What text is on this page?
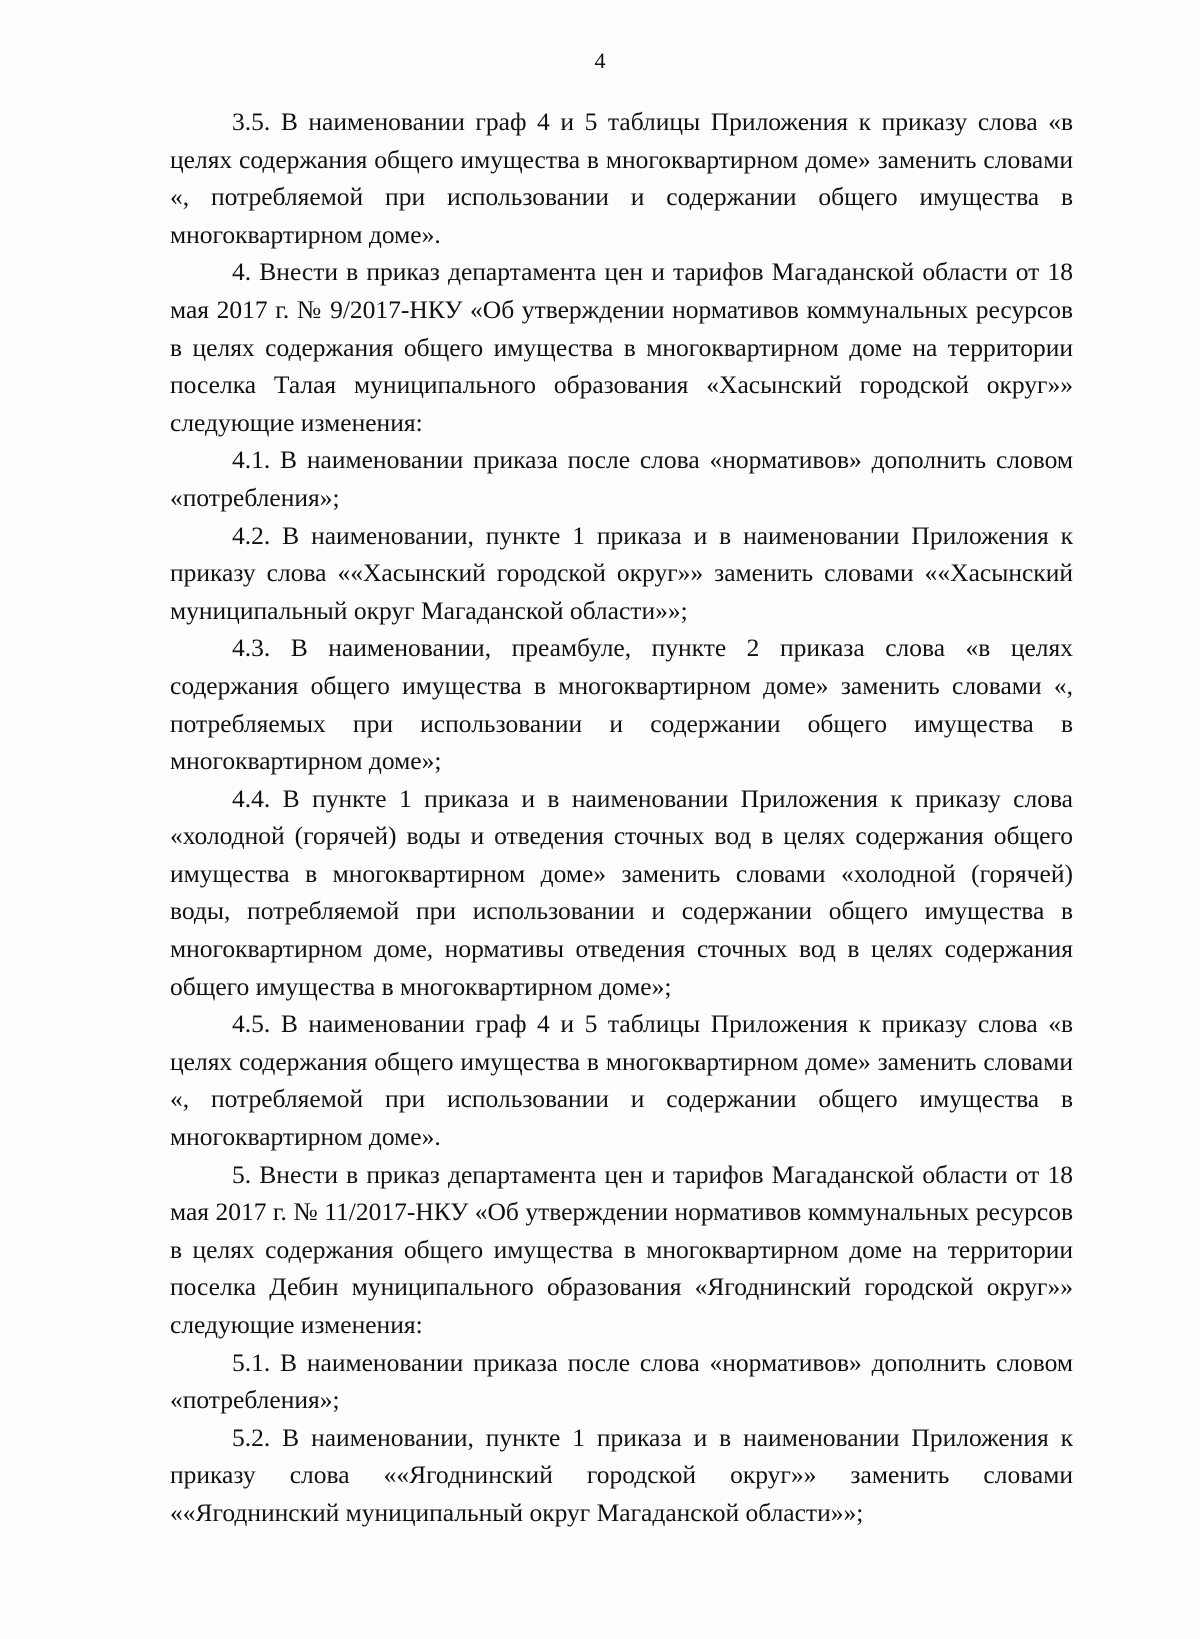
4

3.5. В наименовании граф 4 и 5 таблицы Приложения к приказу слова «в целях содержания общего имущества в многоквартирном доме» заменить словами «, потребляемой при использовании и содержании общего имущества в многоквартирном доме».

4. Внести в приказ департамента цен и тарифов Магаданской области от 18 мая 2017 г. № 9/2017-НКУ «Об утверждении нормативов коммунальных ресурсов в целях содержания общего имущества в многоквартирном доме на территории поселка Талая муниципального образования «Хасынский городской округ»» следующие изменения:

4.1. В наименовании приказа после слова «нормативов» дополнить словом «потребления»;

4.2. В наименовании, пункте 1 приказа и в наименовании Приложения к приказу слова ««Хасынский городской округ»» заменить словами ««Хасынский муниципальный округ Магаданской области»»;

4.3. В наименовании, преамбуле, пункте 2 приказа слова «в целях содержания общего имущества в многоквартирном доме» заменить словами «, потребляемых при использовании и содержании общего имущества в многоквартирном доме»;

4.4. В пункте 1 приказа и в наименовании Приложения к приказу слова «холодной (горячей) воды и отведения сточных вод в целях содержания общего имущества в многоквартирном доме» заменить словами «холодной (горячей) воды, потребляемой при использовании и содержании общего имущества в многоквартирном доме, нормативы отведения сточных вод в целях содержания общего имущества в многоквартирном доме»;

4.5. В наименовании граф 4 и 5 таблицы Приложения к приказу слова «в целях содержания общего имущества в многоквартирном доме» заменить словами «, потребляемой при использовании и содержании общего имущества в многоквартирном доме».

5. Внести в приказ департамента цен и тарифов Магаданской области от 18 мая 2017 г. № 11/2017-НКУ «Об утверждении нормативов коммунальных ресурсов в целях содержания общего имущества в многоквартирном доме на территории поселка Дебин муниципального образования «Ягоднинский городской округ»» следующие изменения:

5.1. В наименовании приказа после слова «нормативов» дополнить словом «потребления»;

5.2. В наименовании, пункте 1 приказа и в наименовании Приложения к приказу слова ««Ягоднинский городской округ»» заменить словами ««Ягоднинский муниципальный округ Магаданской области»»;
